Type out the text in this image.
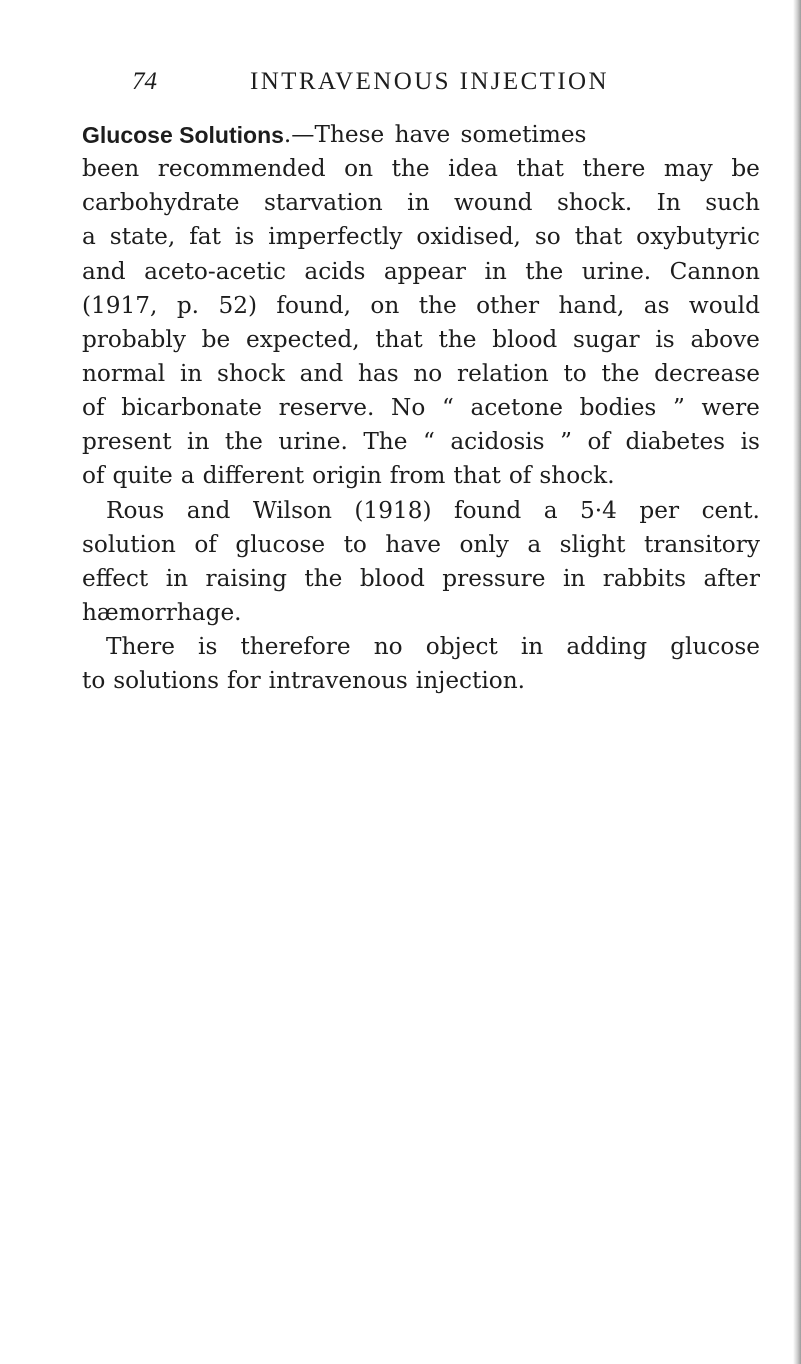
74	INTRAVENOUS INJECTION
Glucose Solutions .—These have sometimes
been recommended on the idea that there may be
carbohydrate starvation in wound shock. In such
a state, fat is imperfectly oxidised, so that oxybutyric
and aceto-acetic acids appear in the urine. Cannon
(1917, p. 52) found, on the other hand, as would
probably be expected, that the blood sugar is above
normal in shock and has no relation to the decrease
of bicarbonate reserve. No “ acetone bodies ” were
present in the urine. The “ acidosis ” of diabetes is
of quite a different origin from that of shock.
Rous and Wilson (1918) found a 5·4 per cent.
solution of glucose to have only a slight transitory
effect in raising the blood pressure in rabbits after
hæmorrhage.
There is therefore no object in adding glucose
to solutions for intravenous injection.
